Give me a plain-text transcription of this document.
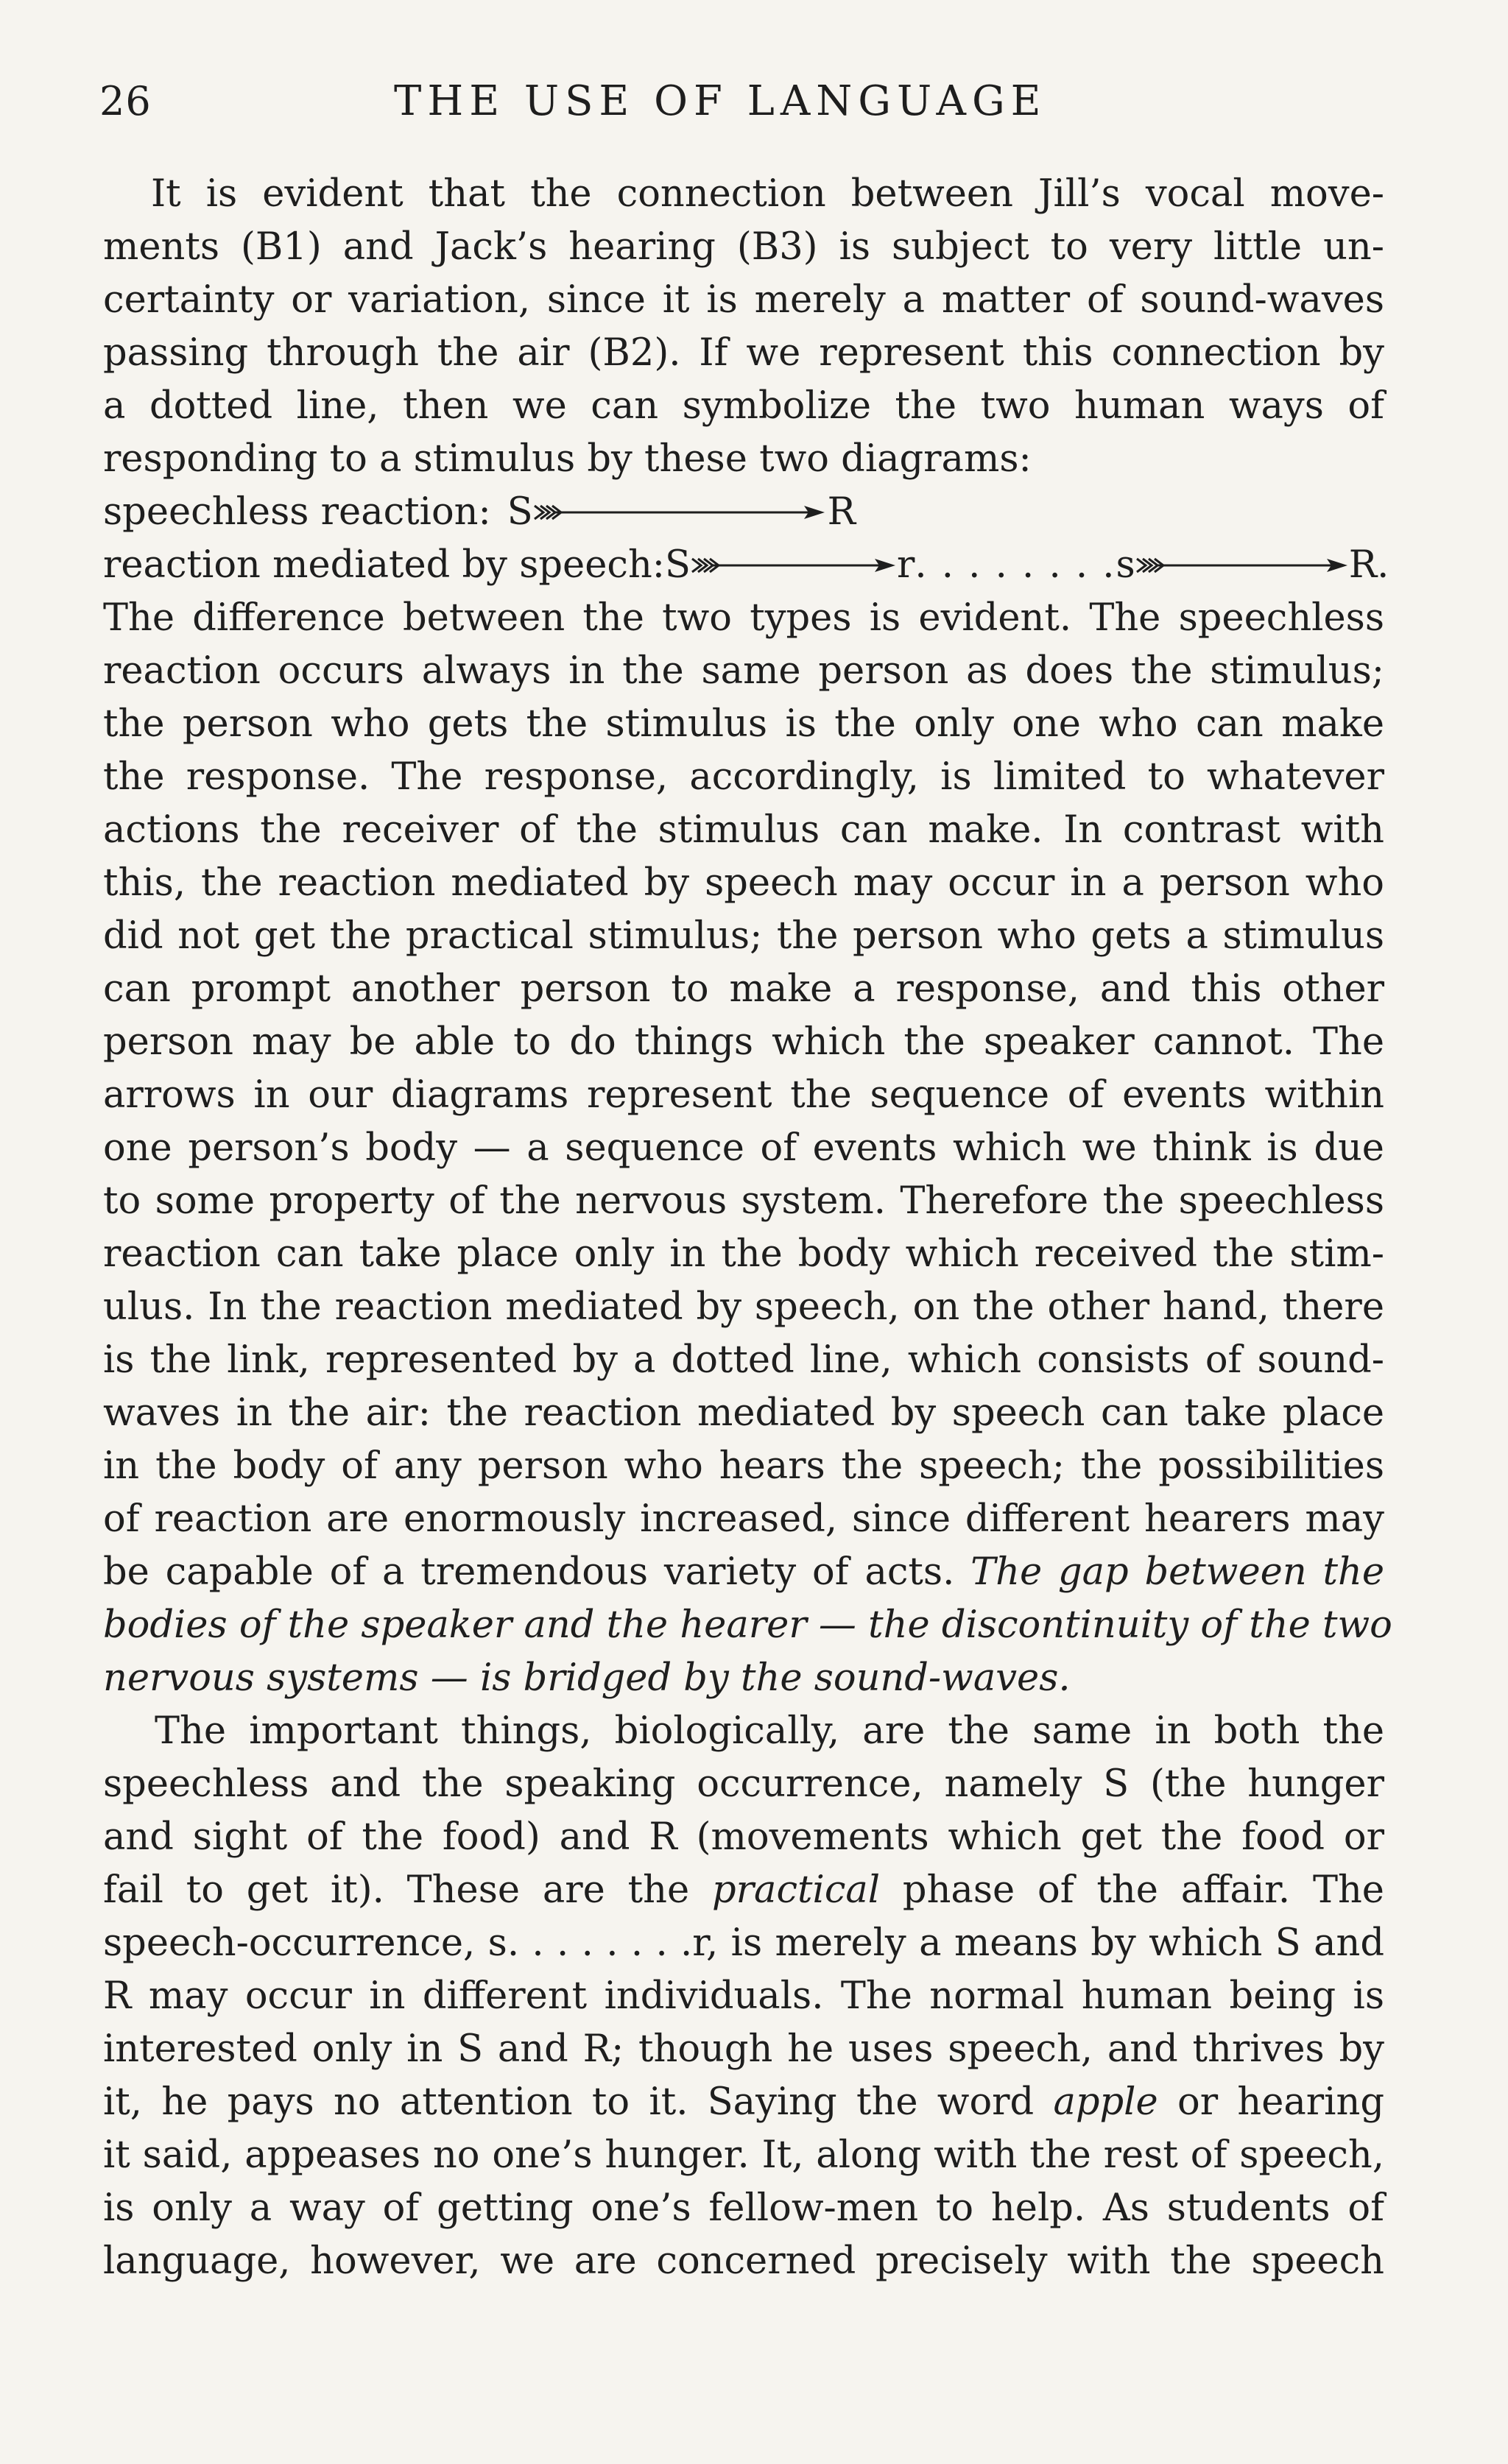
26	THE USE OF LANGUAGE
It is evident that the connection between Jill’s vocal move-
ments (B1) and Jack’s hearing (B3) is subject to very little un-
certainty or variation, since it is merely a matter of sound-waves
passing through the air (B2). If we represent this connection by
a dotted line, then we can symbolize the two human ways of
responding to a stimulus by these two diagrams:
speechless reaction: S	R
reaction mediated by speech: S	r . . . . . . . . s	R.
The difference between the two types is evident. The speechless
reaction occurs always in the same person as does the stimulus;
the person who gets the stimulus is the only one who can make
the response. The response, accordingly, is limited to whatever
actions the receiver of the stimulus can make. In contrast with
this, the reaction mediated by speech may occur in a person who
did not get the practical stimulus; the person who gets a stimulus
can prompt another person to make a response, and this other
person may be able to do things which the speaker cannot. The
arrows in our diagrams represent the sequence of events within
one person’s body — a sequence of events which we think is due
to some property of the nervous system. Therefore the speechless
reaction can take place only in the body which received the stim-
ulus. In the reaction mediated by speech, on the other hand, there
is the link, represented by a dotted line, which consists of sound-
waves in the air: the reaction mediated by speech can take place
in the body of any person who hears the speech; the possibilities
of reaction are enormously increased, since different hearers may
be capable of a tremendous variety of acts. The gap between the
bodies of the speaker and the hearer — the discontinuity of the two
nervous systems — is bridged by the sound-waves.
The important things, biologically, are the same in both the
speechless and the speaking occurrence, namely S (the hunger
and sight of the food) and R (movements which get the food or
fail to get it). These are the practical phase of the affair. The
speech-occurrence, s. . . . . . . .r, is merely a means by which S and
R may occur in different individuals. The normal human being is
interested only in S and R; though he uses speech, and thrives by
it, he pays no attention to it. Saying the word apple or hearing
it said, appeases no one’s hunger. It, along with the rest of speech,
is only a way of getting one’s fellow-men to help. As students of
language, however, we are concerned precisely with the speech
